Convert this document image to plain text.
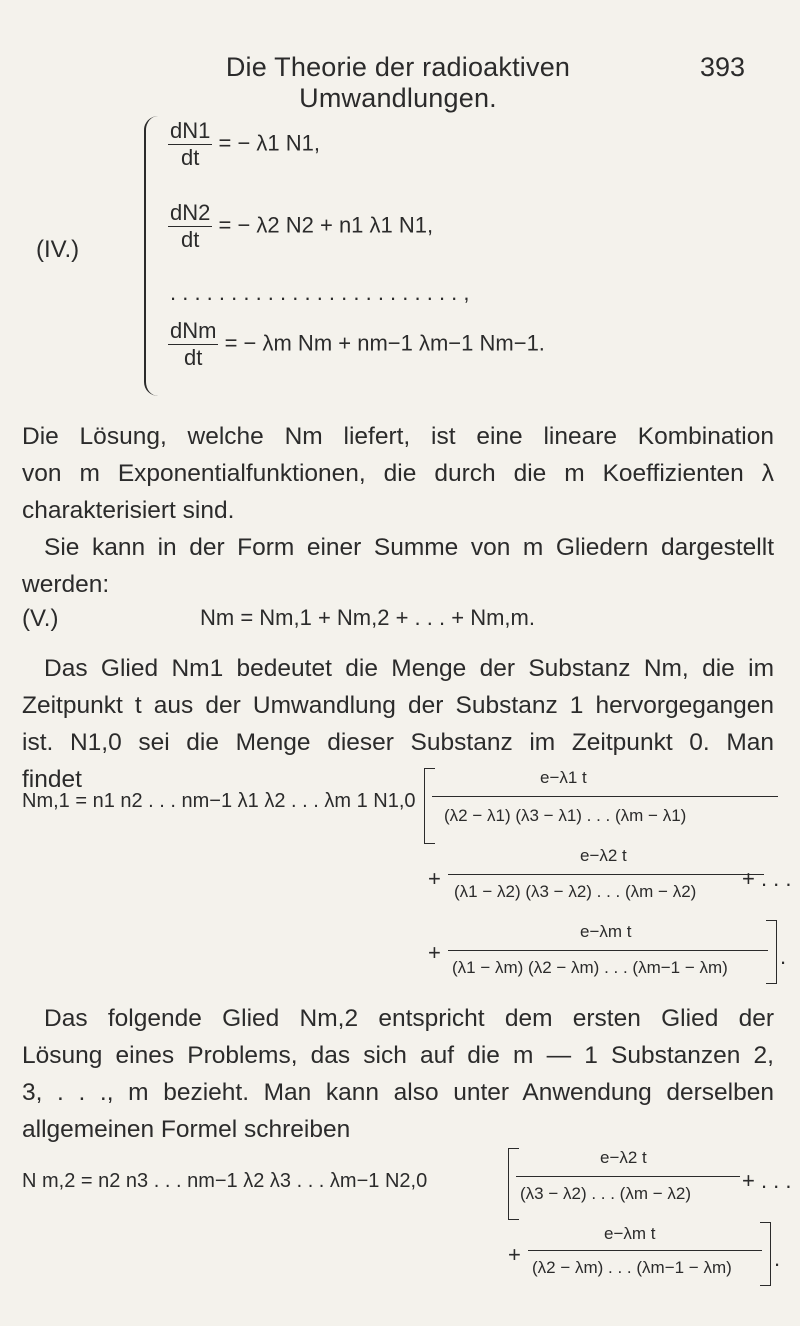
Die Theorie der radioaktiven Umwandlungen.
393
(IV.)
$\frac{dN1}{dt}$ = − λ1 N1,
$\frac{dN2}{dt}$ = − λ2 N2 + n1 λ1 N1,
. . . . . . . . . . . . . . . . . . . . . . . . ,
$\frac{\text{dNm}}{dt}$ = − λm Nm + nm−1 λm−1 Nm−1.
Die Lösung, welche Nm liefert, ist eine lineare Kombination
von m Exponentialfunktionen, die durch die m Koeffizienten λ
charakterisiert sind.
Sie kann in der Form einer Summe von m Gliedern dargestellt
werden:
(V.)	Nm = Nm,1 + Nm,2 + . . . + Nm,m.
Das Glied Nm1 bedeutet die Menge der Substanz Nm, die im
Zeitpunkt t aus der Umwandlung der Substanz 1 hervorgegangen
ist. N1,0 sei die Menge dieser Substanz im Zeitpunkt 0. Man
findet
Nm,1 = n1 n2 . . . nm−1 λ1 λ2 . . . λm 1 N1,0
e−λ1 t
(λ2 − λ1) (λ3 − λ1) . . . (λm − λ1)
e−λ2 t
+
(λ1 − λ2) (λ3 − λ2) . . . (λm − λ2)
+ . . .
e−λm t
+
(λ1 − λm) (λ2 − λm) . . . (λm−1 − λm) .
Das folgende Glied Nm,2 entspricht dem ersten Glied der
Lösung eines Problems, das sich auf die m — 1 Substanzen 2,
3, . . ., m bezieht. Man kann also unter Anwendung derselben
allgemeinen Formel schreiben
N m,2 = n2 n3 . . . nm−1 λ2 λ3 . . . λm−1 N2,0
e−λ2 t
(λ3 − λ2) . . . (λm − λ2)
+ . . .
e−λm t
+
(λ2 − λm) . . . (λm−1 − λm) .
